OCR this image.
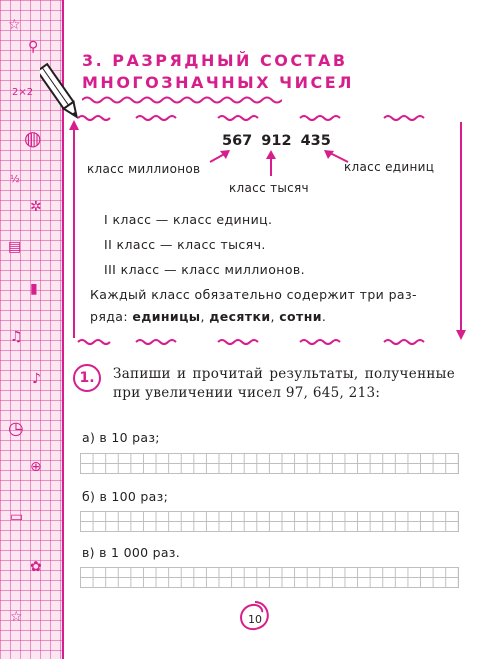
☆
⚲
2×2
◍
½
✲
▤
▮
♫
♪
◷
⊕
▭
✿
☆
3. РАЗРЯДНЫЙ СОСТАВ
МНОГОЗНАЧНЫХ ЧИСЕЛ
567 912 435
класс миллионов	класс единиц
класс тысяч
I класс — класс единиц.
II класс — класс тысяч.
III класс — класс миллионов.
Каждый класс обязательно содержит три раз-ряда: единицы, десятки, сотни.
1.	Запиши и прочитай результаты, полученные при увеличении чисел 97, 645, 213:
а) в 10 раз;
б) в 100 раз;
в) в 1 000 раз.
10
